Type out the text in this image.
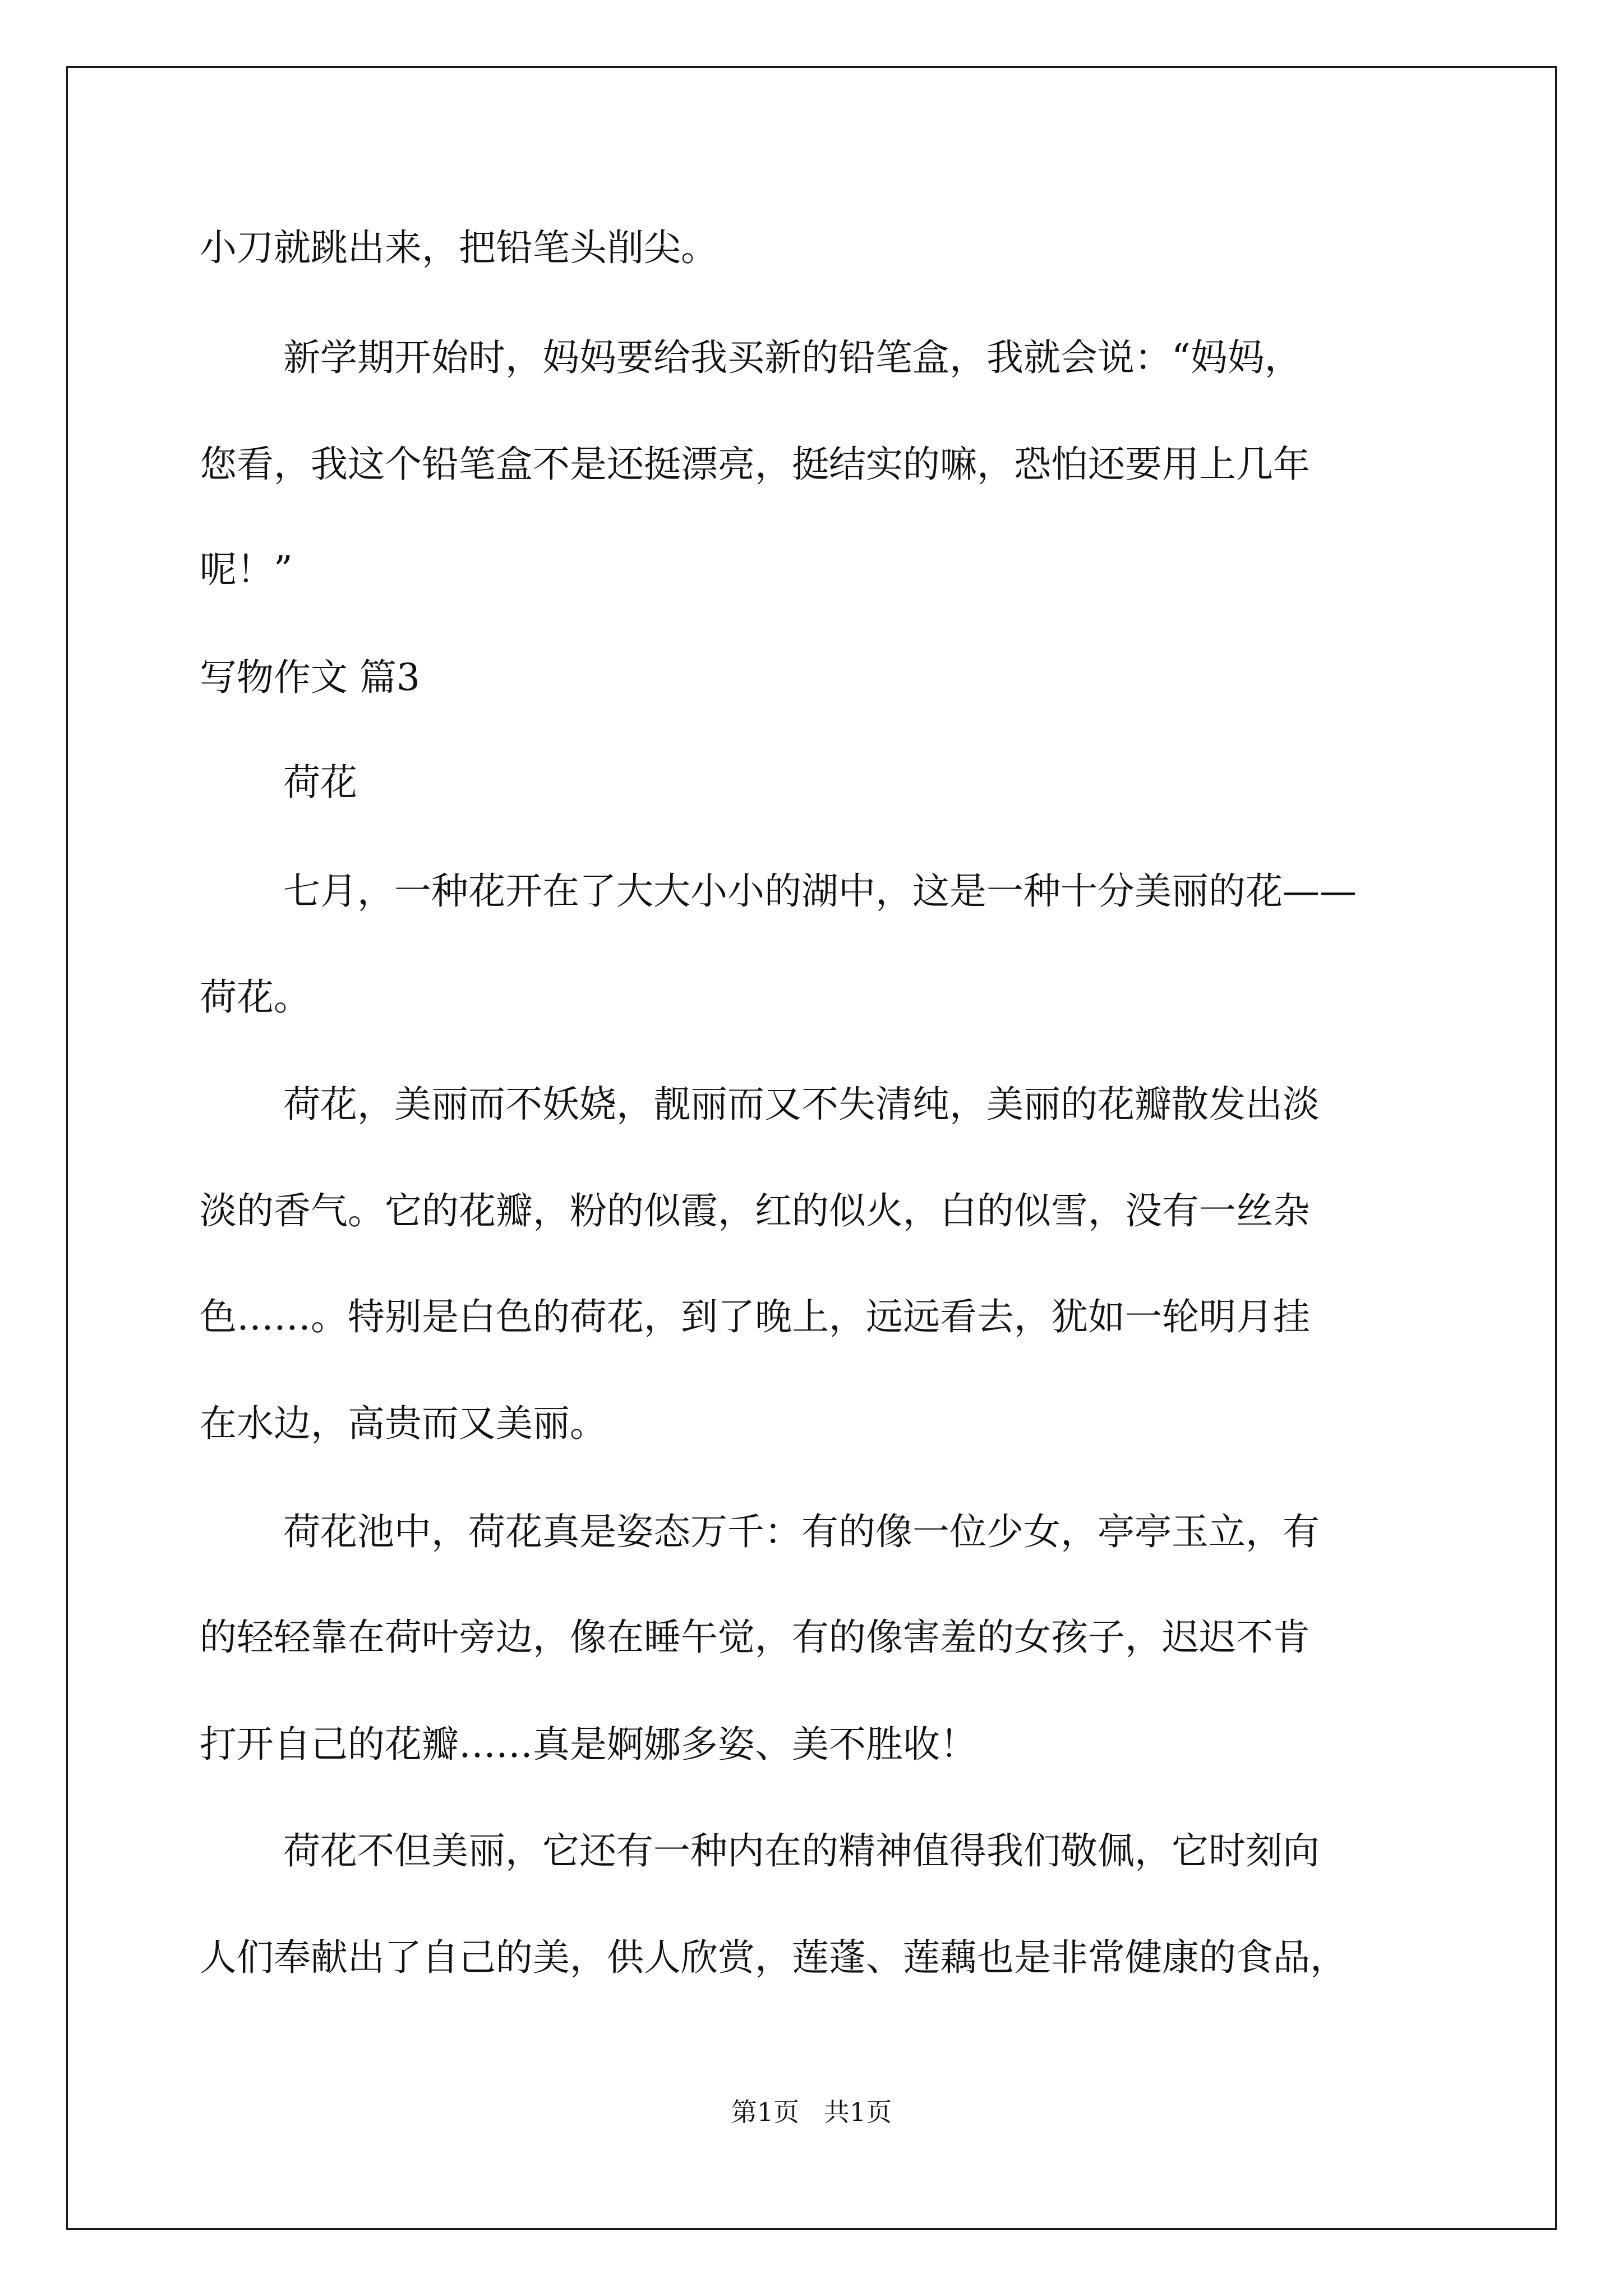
小刀就跳出来，把铅笔头削尖。

新学期开始时，妈妈要给我买新的铅笔盒，我就会说：“妈妈，

您看，我这个铅笔盒不是还挺漂亮，挺结实的嘛，恐怕还要用上几年

呢！”

写物作文 篇3

荷花

七月，一种花开在了大大小小的湖中，这是一种十分美丽的花——

荷花。

荷花，美丽而不妖娆，靓丽而又不失清纯，美丽的花瓣散发出淡

淡的香气。它的花瓣，粉的似霞，红的似火，白的似雪，没有一丝杂

色……。特别是白色的荷花，到了晚上，远远看去，犹如一轮明月挂

在水边，高贵而又美丽。

荷花池中，荷花真是姿态万千：有的像一位少女，亭亭玉立，有

的轻轻靠在荷叶旁边，像在睡午觉，有的像害羞的女孩子，迟迟不肯

打开自己的花瓣……真是婀娜多姿、美不胜收！

荷花不但美丽，它还有一种内在的精神值得我们敬佩，它时刻向

人们奉献出了自己的美，供人欣赏，莲蓬、莲藕也是非常健康的食品，

第1页   共1页
